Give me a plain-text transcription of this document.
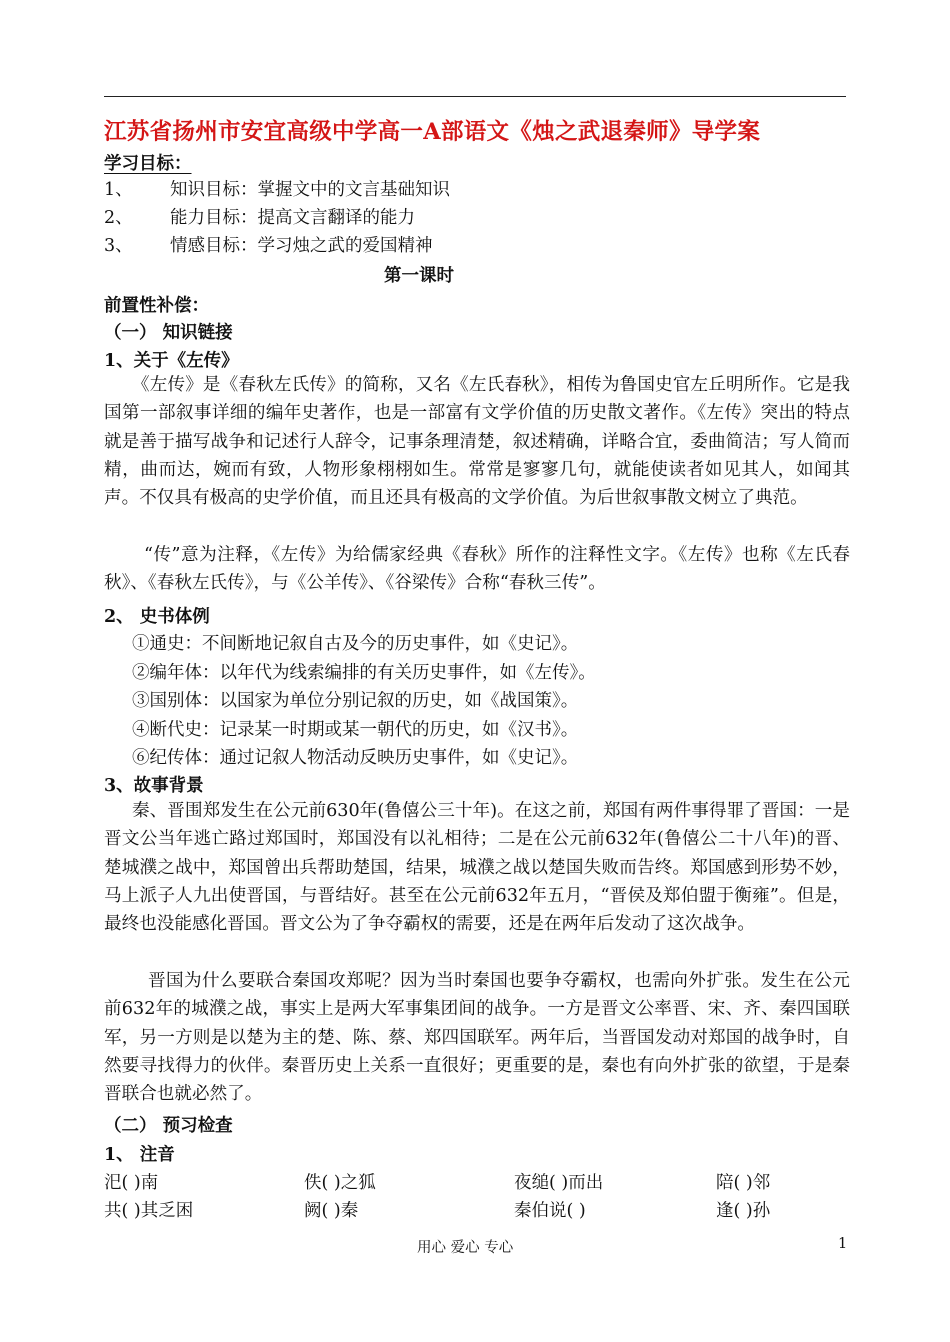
江苏省扬州市安宜高级中学高一A部语文《烛之武退秦师》导学案
学习目标：
1、 知识目标：掌握文中的文言基础知识
2、 能力目标：提高文言翻译的能力
3、 情感目标：学习烛之武的爱国精神
第一课时
前置性补偿：
（一） 知识链接
1、关于《左传》

《左传》是《春秋左氏传》的简称，又名《左氏春秋》，相传为鲁国史官左丘明所作。它是我国第一部叙事详细的编年史著作，也是一部富有文学价值的历史散文著作。《左传》突出的特点就是善于描写战争和记述行人辞令，记事条理清楚，叙述精确，详略合宜，委曲简洁；写人简而精，曲而达，婉而有致，人物形象栩栩如生。常常是寥寥几句，就能使读者如见其人，如闻其声。不仅具有极高的史学价值，而且还具有极高的文学价值。为后世叙事散文树立了典范。

“传”意为注释，《左传》为给儒家经典《春秋》所作的注释性文字。《左传》也称《左氏春秋》、《春秋左氏传》，与《公羊传》、《谷梁传》合称“春秋三传”。

2、 史书体例
①通史：不间断地记叙自古及今的历史事件，如《史记》。
②编年体：以年代为线索编排的有关历史事件，如《左传》。
③国别体：以国家为单位分别记叙的历史，如《战国策》。
④断代史：记录某一时期或某一朝代的历史，如《汉书》。
⑥纪传体：通过记叙人物活动反映历史事件，如《史记》。
3、故事背景

秦、晋围郑发生在公元前630年(鲁僖公三十年)。在这之前，郑国有两件事得罪了晋国：一是晋文公当年逃亡路过郑国时，郑国没有以礼相待；二是在公元前632年(鲁僖公二十八年)的晋、楚城濮之战中，郑国曾出兵帮助楚国，结果，城濮之战以楚国失败而告终。郑国感到形势不妙，马上派子人九出使晋国，与晋结好。甚至在公元前632年五月，“晋侯及郑伯盟于衡雍”。但是，最终也没能感化晋国。晋文公为了争夺霸权的需要，还是在两年后发动了这次战争。

晋国为什么要联合秦国攻郑呢？因为当时秦国也要争夺霸权，也需向外扩张。发生在公元前632年的城濮之战，事实上是两大军事集团间的战争。一方是晋文公率晋、宋、齐、秦四国联军，另一方则是以楚为主的楚、陈、蔡、郑四国联军。两年后，当晋国发动对郑国的战争时，自然要寻找得力的伙伴。秦晋历史上关系一直很好；更重要的是，秦也有向外扩张的欲望，于是秦晋联合也就必然了。

（二） 预习检查
1、 注音
汜( )南	佚( )之狐	夜缒( )而出	陪( )邻
共( )其乏困	阙( )秦	秦伯说( )	逢( )孙
用心 爱心 专心	1
